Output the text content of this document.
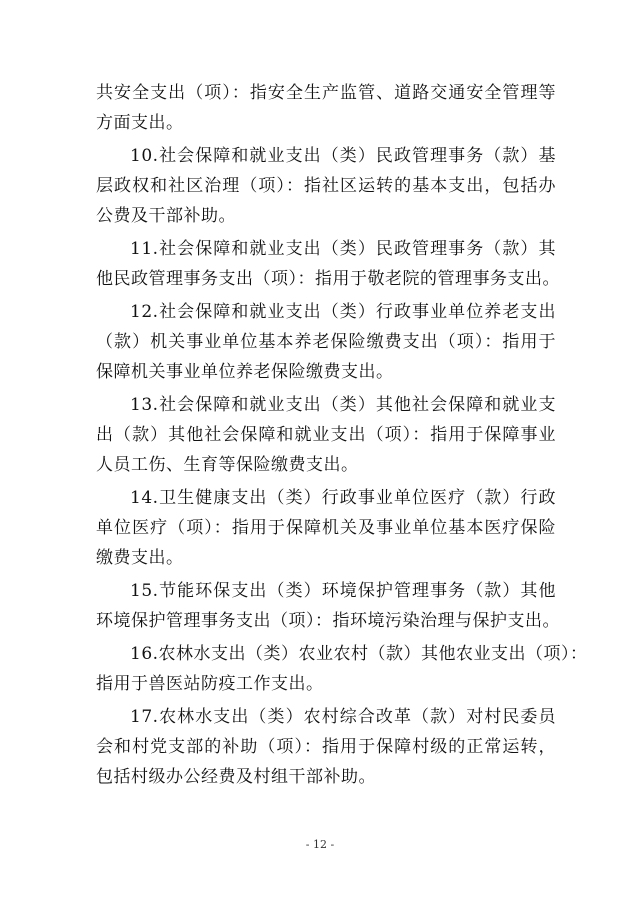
共安全支出（项）：指安全生产监管、道路交通安全管理等
方面支出。
10.社会保障和就业支出（类）民政管理事务（款）基
层政权和社区治理（项）：指社区运转的基本支出，包括办
公费及干部补助。
11.社会保障和就业支出（类）民政管理事务（款）其
他民政管理事务支出（项）：指用于敬老院的管理事务支出。
12.社会保障和就业支出（类）行政事业单位养老支出
（款）机关事业单位基本养老保险缴费支出（项）：指用于
保障机关事业单位养老保险缴费支出。
13.社会保障和就业支出（类）其他社会保障和就业支
出（款）其他社会保障和就业支出（项）：指用于保障事业
人员工伤、生育等保险缴费支出。
14.卫生健康支出（类）行政事业单位医疗（款）行政
单位医疗（项）：指用于保障机关及事业单位基本医疗保险
缴费支出。
15.节能环保支出（类）环境保护管理事务（款）其他
环境保护管理事务支出（项）：指环境污染治理与保护支出。
16.农林水支出（类）农业农村（款）其他农业支出（项）：
指用于兽医站防疫工作支出。
17.农林水支出（类）农村综合改革（款）对村民委员
会和村党支部的补助（项）：指用于保障村级的正常运转，
包括村级办公经费及村组干部补助。
- 12 -
